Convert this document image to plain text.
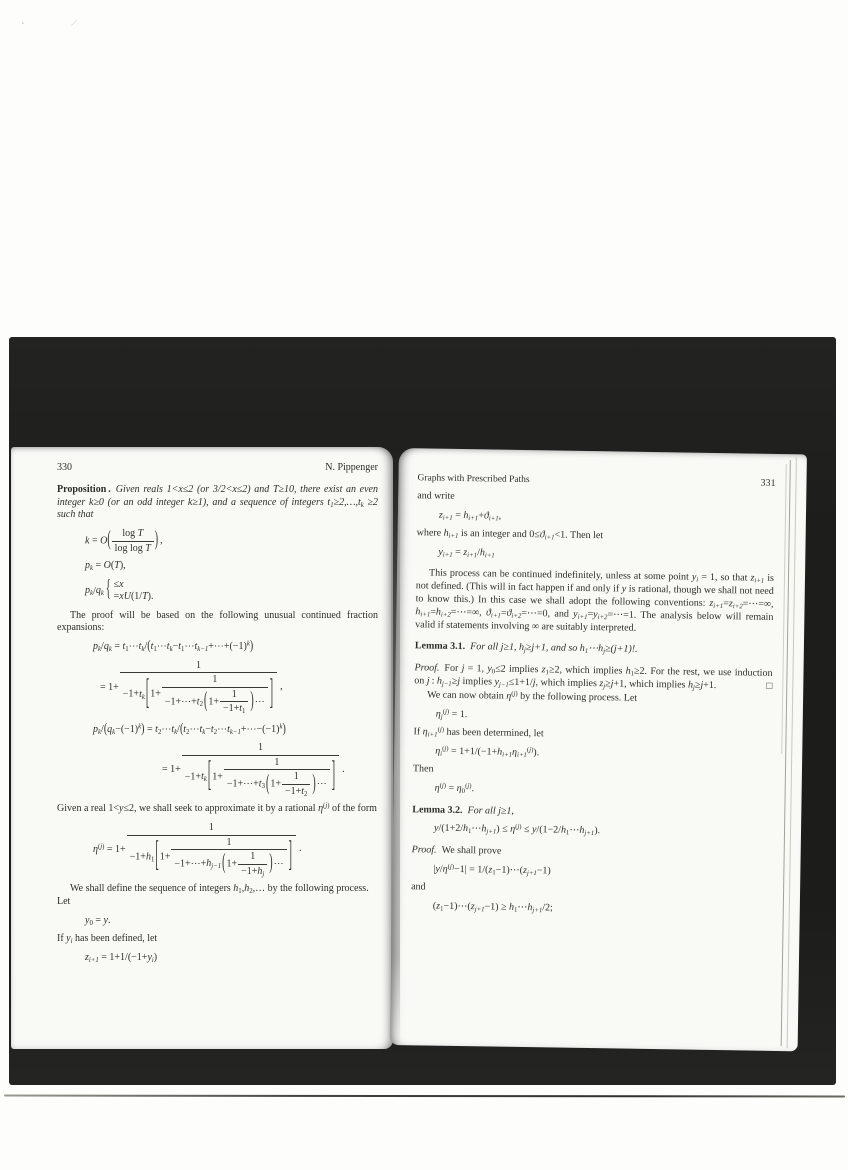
‘	⁄
330	N. Pippenger

Proposition .  Given reals 1<x≤2 (or 3/2<x≤2) and T≥10, there exist an even integer k≥0 (or an odd integer k≥1), and a sequence of integers $t_1\ge 2,\dots,t_k \ge 2$ such that

$k = O( \frac{\text{log T}}{\text{log log T}}$ ) ,
$p_k = O(T)$,
$p_k/q_k$ { ≤x
=xU(1/T).

The proof will be based on the following unusual continued fraction expansions:

$p_k/q_k$ = $t_1\cdots t_k/(t_1\cdots t_k-t_1\cdots t_{k-1}+\cdots+(-1)^k)$
= $1+ \frac{1}{-1+t_k[1+ \frac{1}{-1+\cdots+t_2(1+ \frac{1}{-1+t_1} )\cdots} ]}$ ,
$p_k/(q_k-(-1)^k)$ = $t_2\cdots t_k/(t_2\cdots t_k-t_2\cdots t_{k-1}+\cdots-(-1)^k)$
= $1+ \frac{1}{-1+t_k[1+ \frac{1}{-1+\cdots+t_3(1+ \frac{1}{-1+t_2} )\cdots} ]}$ .

Given a real 1<y≤2, we shall seek to approximate it by a rational $\eta^{(j)}$ of the form

$\eta^{(j)} = 1+ \frac{1}{-1+h_1[1+ \frac{1}{-1+\cdots+h_{j-1}(1+ \frac{1}{-1+h_j} )\cdots} ]}$ .

We shall define the sequence of integers $h_1,h_2,\dots$ by the following process.

Let

$y_0 = y$.

If $y_i$ has been defined, let

$z_{i+1} = 1+1/(-1+y_i)$
Graphs with Prescribed Paths	331

and write

$z_{i+1} = h_{i+1}+ϑ_{i+1}$,

where $h_{i+1}$ is an integer and $0\le ϑ_{i+1}<1$. Then let

$y_{i+1} = z_{i+1}/h_{i+1}$

This process can be continued indefinitely, unless at some point $y_i = 1$, so that $z_{i+1}$ is not defined. (This will in fact happen if and only if y is rational, though we shall not need to know this.) In this case we shall adopt the following conventions: $z_{i+1}=z_{i+2}=\cdots=\infty$, $h_{i+1}=h_{i+2}=\cdots=\infty$, $ϑ_{i+1}=ϑ_{i+2}=\cdots=0$, and $y_{i+1}=y_{i+2}=\cdots=1$. The analysis below will remain valid if statements involving ∞ are suitably interpreted.

Lemma 3.1.  For all j≥1, $h_j\ge j+1$, and so $h_1\cdots h_j\ge(j+1)$!.

Proof. For j = 1, $y_0\le 2$ implies $z_1\ge 2$, which implies $h_1\ge 2$. For the rest, we use induction on j : $h_{j-1}\ge j$ implies $y_{j-1}\le 1+1/j$, which implies $z_j\ge j+1$, which implies $h_j\ge j+1$.	□

We can now obtain $\eta^{(j)}$ by the following process. Let

$\eta_j^{(j)} = 1$.

If $\eta_{i+1}^{(j)}$ has been determined, let

$\eta_i^{(j)} = 1+1/(-1+h_{i+1}\eta_{i+1}^{(j)})$.

Then

$\eta^{(j)} = \eta_0^{(j)}$.

Lemma 3.2.  For all j≥1,

$y/(1+2/h_1\cdots h_{j+1}) \le \eta^{(j)}$ ≤ $y/(1-2/h_1\cdots h_{j+1})$.

Proof. We shall prove

$|y/\eta^{(j)}-1|$ = $1/(z_1-1)\cdots(z_{j+1}-1)$

and

$(z_1-1)\cdots(z_{j+1}-1)$ ≥ $h_1\cdots h_{j+1}/2$;
